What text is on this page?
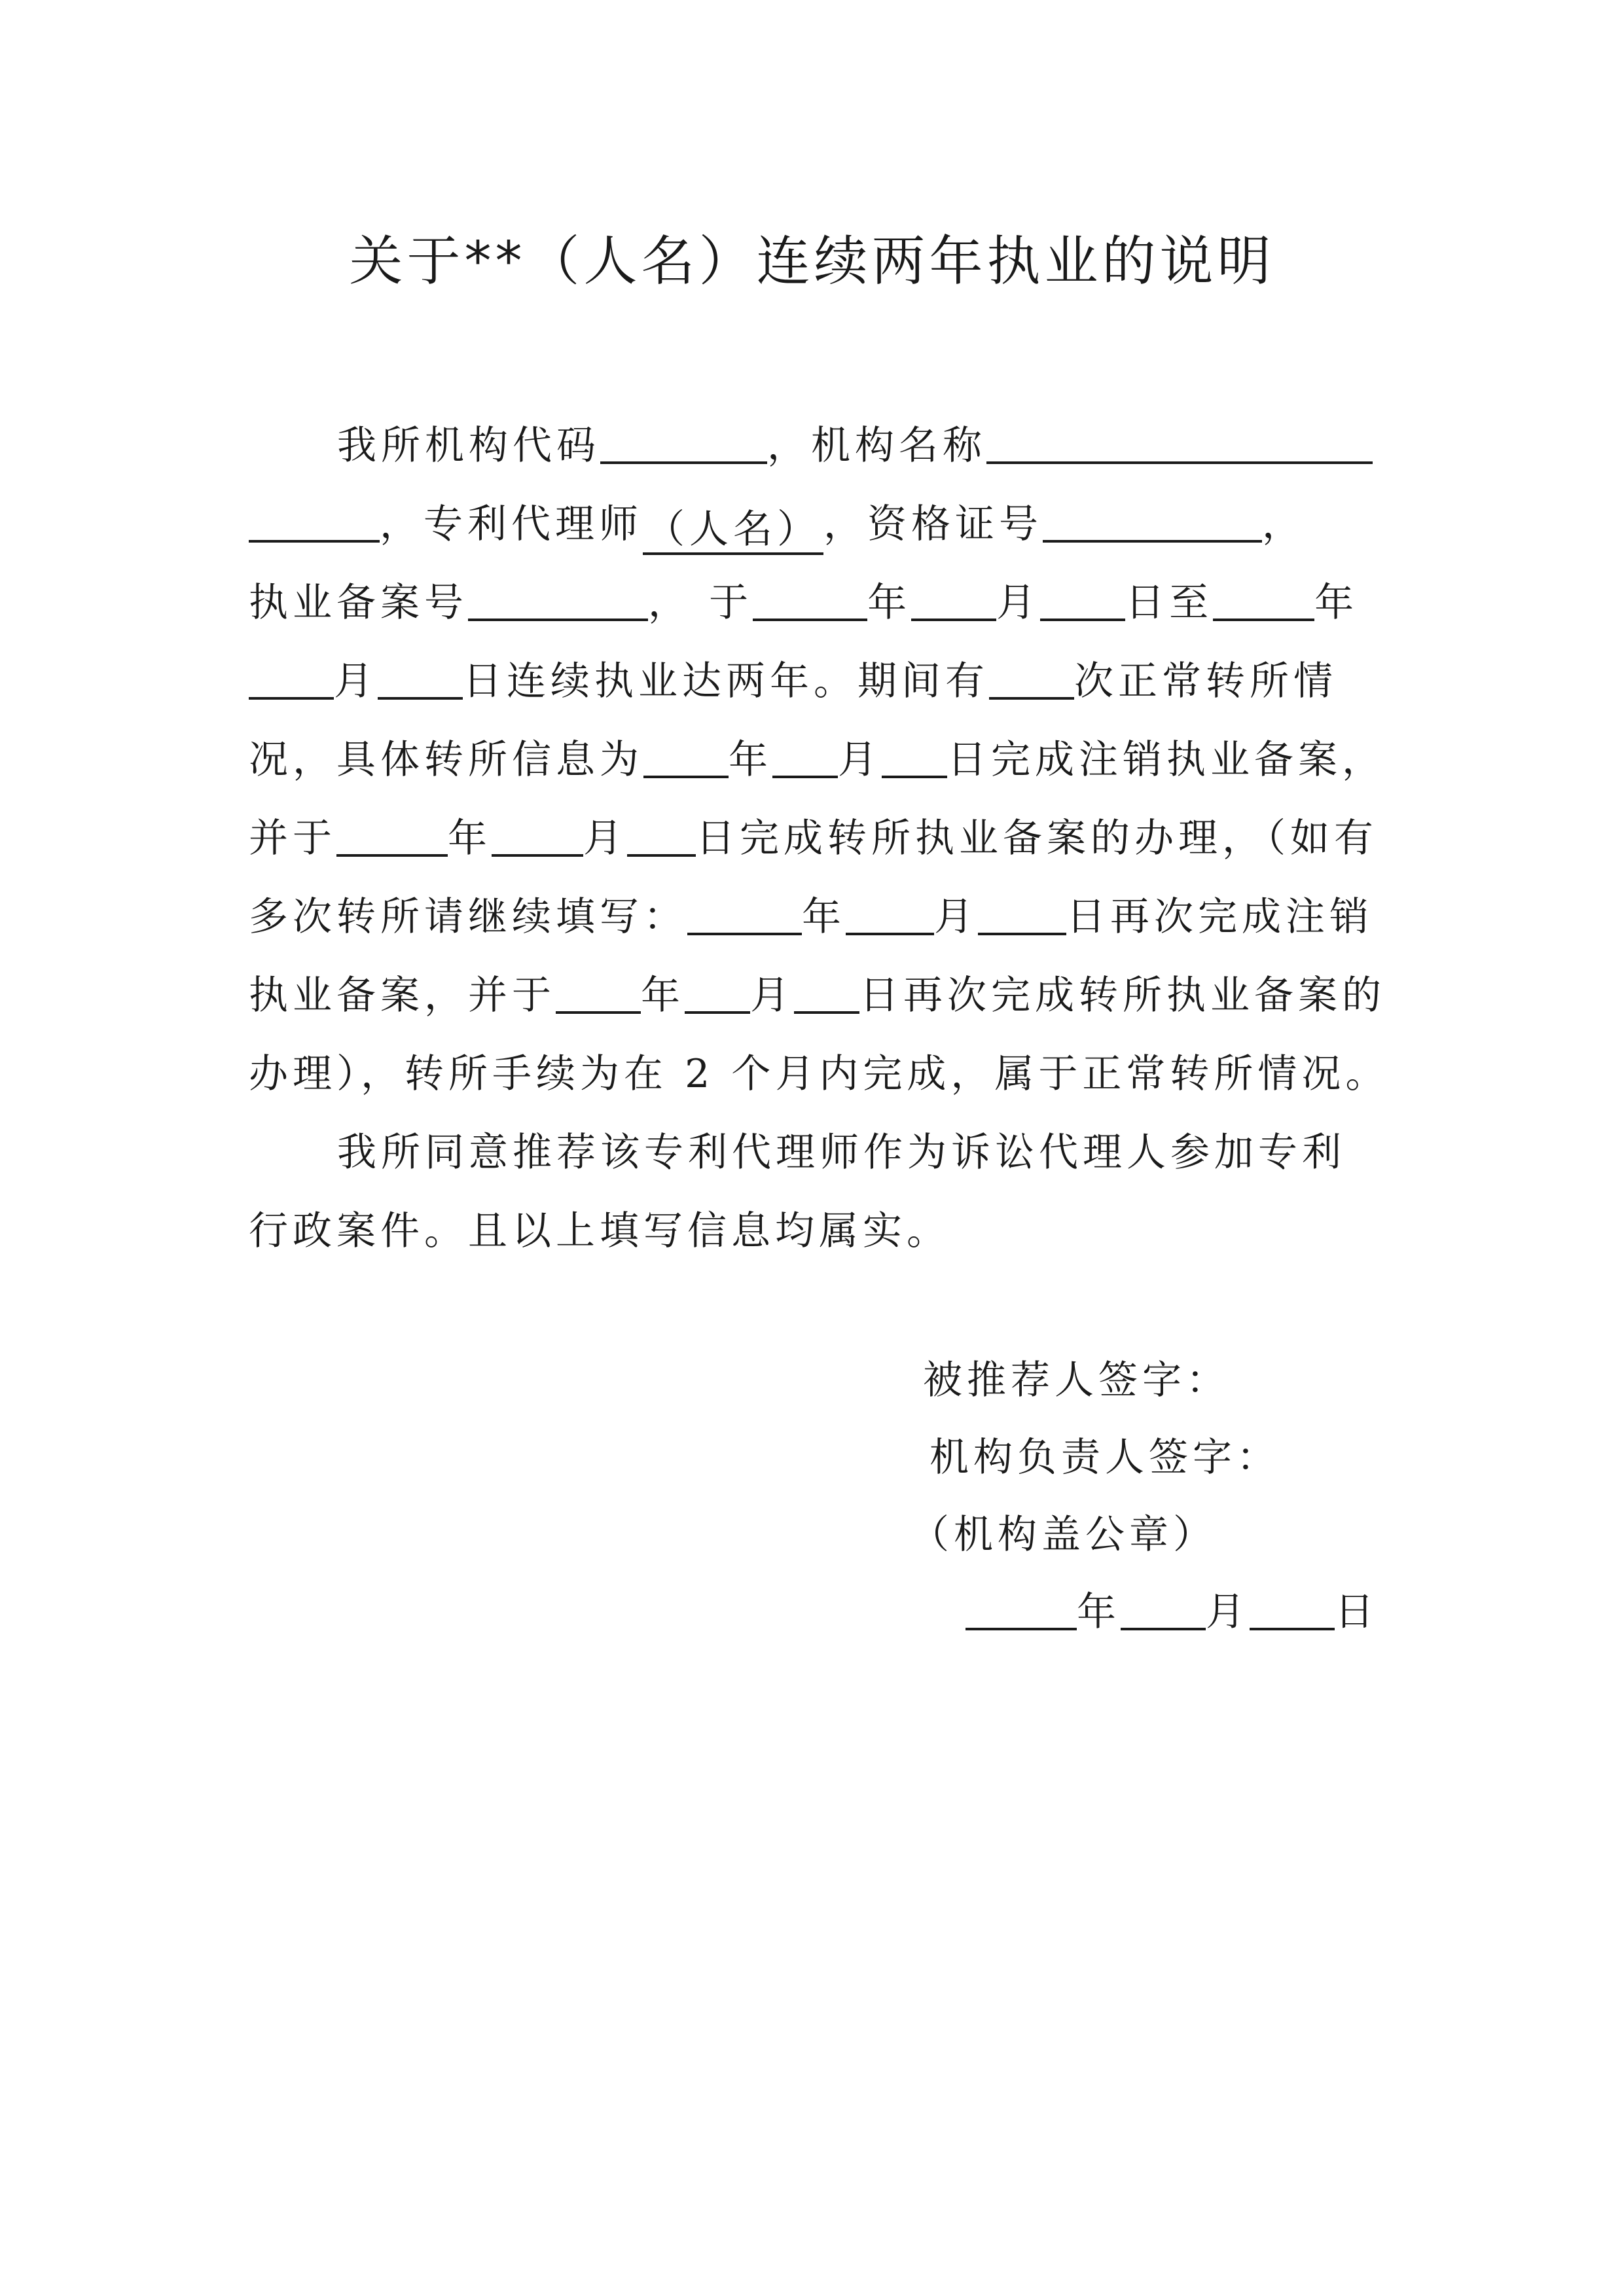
关于**（人名）连续两年执业的说明
我所机构代码	，机构名称
，专利代理师（人名），资格证号	，
执业备案号	， 于	年 月 日至	年
月 日连续执业达两年。期间有 次正常转所情
况，具体转所信息为 年 月 日完成注销执业备案，
并于	年 月 日完成转所执业备案的办理，（如有
多次转所请继续填写：	年 月 日再次完成注销
执业备案，并于 年 月 日再次完成转所执业备案的
办理），转所手续为在 2 个月内完成，属于正常转所情况。
我所同意推荐该专利代理师作为诉讼代理人参加专利
行政案件。且以上填写信息均属实。
被推荐人签字：
机构负责人签字：
（机构盖公章）
年 月 日
